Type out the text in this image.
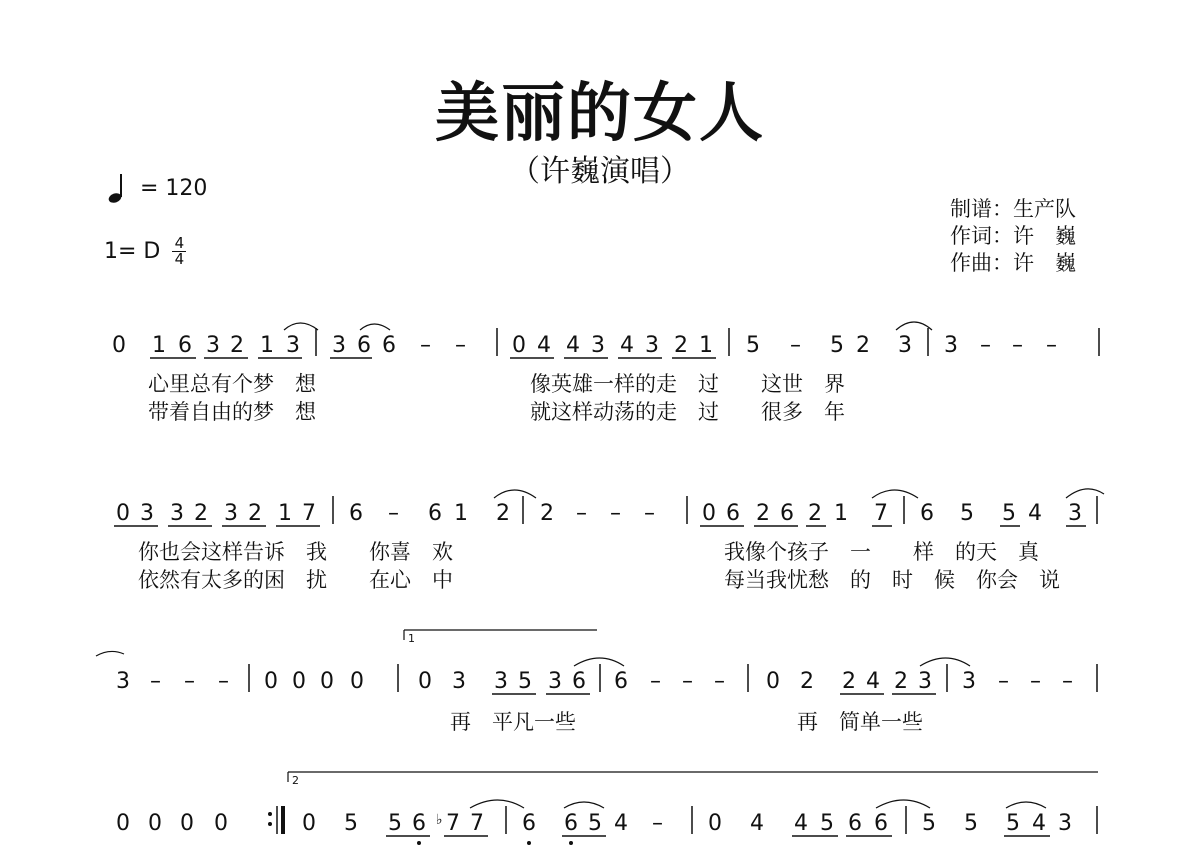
美丽的女人
（许巍演唱）
= 120
1= D 4
4
制谱： 生产队
作词： 许　巍
作曲： 许　巍
0 1 6 3 2 1 3 3 6 6 – – 0 4 4 3 4 3 2 1 5 – 5 2 3 3 – – –
心里总有个梦　想	像英雄一样的走　过　　这世　界
带着自由的梦　想	就这样动荡的走　过　　很多　年
0 3 3 2 3 2 1 7 6 – 6 1 2 2 – – – 0 6 2 6 2 1 7 6 5 5 4 3
你也会这样告诉　我　　你喜　欢	我像个孩子　一　　样　的天　真
依然有太多的困　扰　　在心　中	每当我忧愁　的　时　候　你会　说
1
3 – – – 0 0 0 0 0 3 3 5 3 6 6 – – – 0 2 2 4 2 3 3 – – –
再　平凡一些	再　简单一些
2
0 0 0 0	0 5 5 6 ♭ 7 7 6 6 5 4 – 0 4 4 5 6 6 5 5 5 4 3
